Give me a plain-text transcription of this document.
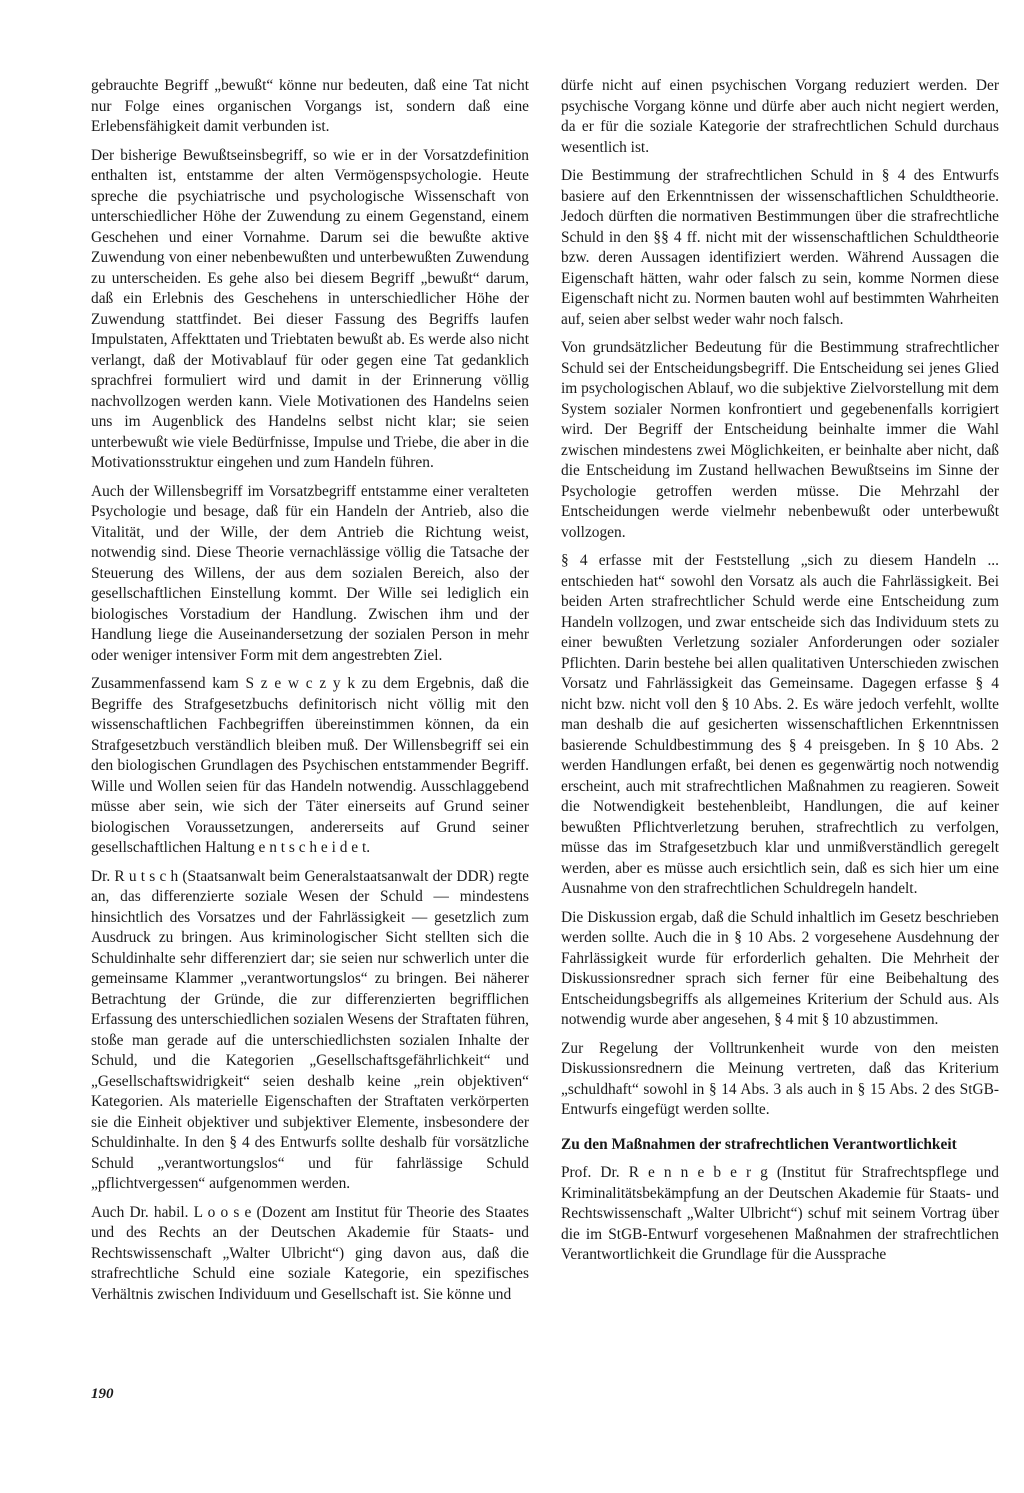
gebrauchte Begriff „bewußt“ könne nur bedeuten, daß eine Tat nicht nur Folge eines organischen Vorgangs ist, sondern daß eine Erlebensfähigkeit damit verbunden ist.

Der bisherige Bewußtseinsbegriff, so wie er in der Vorsatzdefinition enthalten ist, entstamme der alten Vermögenspsychologie. Heute spreche die psychiatrische und psychologische Wissenschaft von unterschiedlicher Höhe der Zuwendung zu einem Gegenstand, einem Geschehen und einer Vornahme. Darum sei die bewußte aktive Zuwendung von einer nebenbewußten und unterbewußten Zuwendung zu unterscheiden. Es gehe also bei diesem Begriff „bewußt“ darum, daß ein Erlebnis des Geschehens in unterschiedlicher Höhe der Zuwendung stattfindet. Bei dieser Fassung des Begriffs laufen Impulstaten, Affekttaten und Triebtaten bewußt ab. Es werde also nicht verlangt, daß der Motivablauf für oder gegen eine Tat gedanklich sprachfrei formuliert wird und damit in der Erinnerung völlig nachvollzogen werden kann. Viele Motivationen des Handelns seien uns im Augenblick des Handelns selbst nicht klar; sie seien unterbewußt wie viele Bedürfnisse, Impulse und Triebe, die aber in die Motivationsstruktur eingehen und zum Handeln führen.

Auch der Willensbegriff im Vorsatzbegriff entstamme einer veralteten Psychologie und besage, daß für ein Handeln der Antrieb, also die Vitalität, und der Wille, der dem Antrieb die Richtung weist, notwendig sind. Diese Theorie vernachlässige völlig die Tatsache der Steuerung des Willens, der aus dem sozialen Bereich, also der gesellschaftlichen Einstellung kommt. Der Wille sei lediglich ein biologisches Vorstadium der Handlung. Zwischen ihm und der Handlung liege die Auseinandersetzung der sozialen Person in mehr oder weniger intensiver Form mit dem angestrebten Ziel.

Zusammenfassend kam S z e w c z y k zu dem Ergebnis, daß die Begriffe des Strafgesetzbuchs definitorisch nicht völlig mit den wissenschaftlichen Fachbegriffen übereinstimmen können, da ein Strafgesetzbuch verständlich bleiben muß. Der Willensbegriff sei ein den biologischen Grundlagen des Psychischen entstammender Begriff. Wille und Wollen seien für das Handeln notwendig. Ausschlaggebend müsse aber sein, wie sich der Täter einerseits auf Grund seiner biologischen Voraussetzungen, andererseits auf Grund seiner gesellschaftlichen Haltung e n t s c h e i d e t.

Dr. R u t s c h (Staatsanwalt beim Generalstaatsanwalt der DDR) regte an, das differenzierte soziale Wesen der Schuld — mindestens hinsichtlich des Vorsatzes und der Fahrlässigkeit — gesetzlich zum Ausdruck zu bringen. Aus kriminologischer Sicht stellten sich die Schuldinhalte sehr differenziert dar; sie seien nur schwerlich unter die gemeinsame Klammer „verantwortungslos“ zu bringen. Bei näherer Betrachtung der Gründe, die zur differenzierten begrifflichen Erfassung des unterschiedlichen sozialen Wesens der Straftaten führen, stoße man gerade auf die unterschiedlichsten sozialen Inhalte der Schuld, und die Kategorien „Gesellschaftsgefährlichkeit“ und „Gesellschaftswidrigkeit“ seien deshalb keine „rein objektiven“ Kategorien. Als materielle Eigenschaften der Straftaten verkörperten sie die Einheit objektiver und subjektiver Elemente, insbesondere der Schuldinhalte. In den § 4 des Entwurfs sollte deshalb für vorsätzliche Schuld „verantwortungslos“ und für fahrlässige Schuld „pflichtvergessen“ aufgenommen werden.

Auch Dr. habil. L o o s e (Dozent am Institut für Theorie des Staates und des Rechts an der Deutschen Akademie für Staats- und Rechtswissenschaft „Walter Ulbricht“) ging davon aus, daß die strafrechtliche Schuld eine soziale Kategorie, ein spezifisches Verhältnis zwischen Individuum und Gesellschaft ist. Sie könne und

dürfe nicht auf einen psychischen Vorgang reduziert werden. Der psychische Vorgang könne und dürfe aber auch nicht negiert werden, da er für die soziale Kategorie der strafrechtlichen Schuld durchaus wesentlich ist.

Die Bestimmung der strafrechtlichen Schuld in § 4 des Entwurfs basiere auf den Erkenntnissen der wissenschaftlichen Schuldtheorie. Jedoch dürften die normativen Bestimmungen über die strafrechtliche Schuld in den §§ 4 ff. nicht mit der wissenschaftlichen Schuldtheorie bzw. deren Aussagen identifiziert werden. Während Aussagen die Eigenschaft hätten, wahr oder falsch zu sein, komme Normen diese Eigenschaft nicht zu. Normen bauten wohl auf bestimmten Wahrheiten auf, seien aber selbst weder wahr noch falsch.

Von grundsätzlicher Bedeutung für die Bestimmung strafrechtlicher Schuld sei der Entscheidungsbegriff. Die Entscheidung sei jenes Glied im psychologischen Ablauf, wo die subjektive Zielvorstellung mit dem System sozialer Normen konfrontiert und gegebenenfalls korrigiert wird. Der Begriff der Entscheidung beinhalte immer die Wahl zwischen mindestens zwei Möglichkeiten, er beinhalte aber nicht, daß die Entscheidung im Zustand hellwachen Bewußtseins im Sinne der Psychologie getroffen werden müsse. Die Mehrzahl der Entscheidungen werde vielmehr nebenbewußt oder unterbewußt vollzogen.

§ 4 erfasse mit der Feststellung „sich zu diesem Handeln ... entschieden hat“ sowohl den Vorsatz als auch die Fahrlässigkeit. Bei beiden Arten strafrechtlicher Schuld werde eine Entscheidung zum Handeln vollzogen, und zwar entscheide sich das Individuum stets zu einer bewußten Verletzung sozialer Anforderungen oder sozialer Pflichten. Darin bestehe bei allen qualitativen Unterschieden zwischen Vorsatz und Fahrlässigkeit das Gemeinsame. Dagegen erfasse § 4 nicht bzw. nicht voll den § 10 Abs. 2. Es wäre jedoch verfehlt, wollte man deshalb die auf gesicherten wissenschaftlichen Erkenntnissen basierende Schuldbestimmung des § 4 preisgeben. In § 10 Abs. 2 werden Handlungen erfaßt, bei denen es gegenwärtig noch notwendig erscheint, auch mit strafrechtlichen Maßnahmen zu reagieren. Soweit die Notwendigkeit bestehenbleibt, Handlungen, die auf keiner bewußten Pflichtverletzung beruhen, strafrechtlich zu verfolgen, müsse das im Strafgesetzbuch klar und unmißverständlich geregelt werden, aber es müsse auch ersichtlich sein, daß es sich hier um eine Ausnahme von den strafrechtlichen Schuldregeln handelt.

Die Diskussion ergab, daß die Schuld inhaltlich im Gesetz beschrieben werden sollte. Auch die in § 10 Abs. 2 vorgesehene Ausdehnung der Fahrlässigkeit wurde für erforderlich gehalten. Die Mehrheit der Diskussionsredner sprach sich ferner für eine Beibehaltung des Entscheidungsbegriffs als allgemeines Kriterium der Schuld aus. Als notwendig wurde aber angesehen, § 4 mit § 10 abzustimmen.

Zur Regelung der Volltrunkenheit wurde von den meisten Diskussionsrednern die Meinung vertreten, daß das Kriterium „schuldhaft“ sowohl in § 14 Abs. 3 als auch in § 15 Abs. 2 des StGB-Entwurfs eingefügt werden sollte.

Zu den Maßnahmen der strafrechtlichen Verantwortlichkeit

Prof. Dr. R e n n e b e r g (Institut für Strafrechtspflege und Kriminalitätsbekämpfung an der Deutschen Akademie für Staats- und Rechtswissenschaft „Walter Ulbricht“) schuf mit seinem Vortrag über die im StGB-Entwurf vorgesehenen Maßnahmen der strafrechtlichen Verantwortlichkeit die Grundlage für die Aussprache

190
